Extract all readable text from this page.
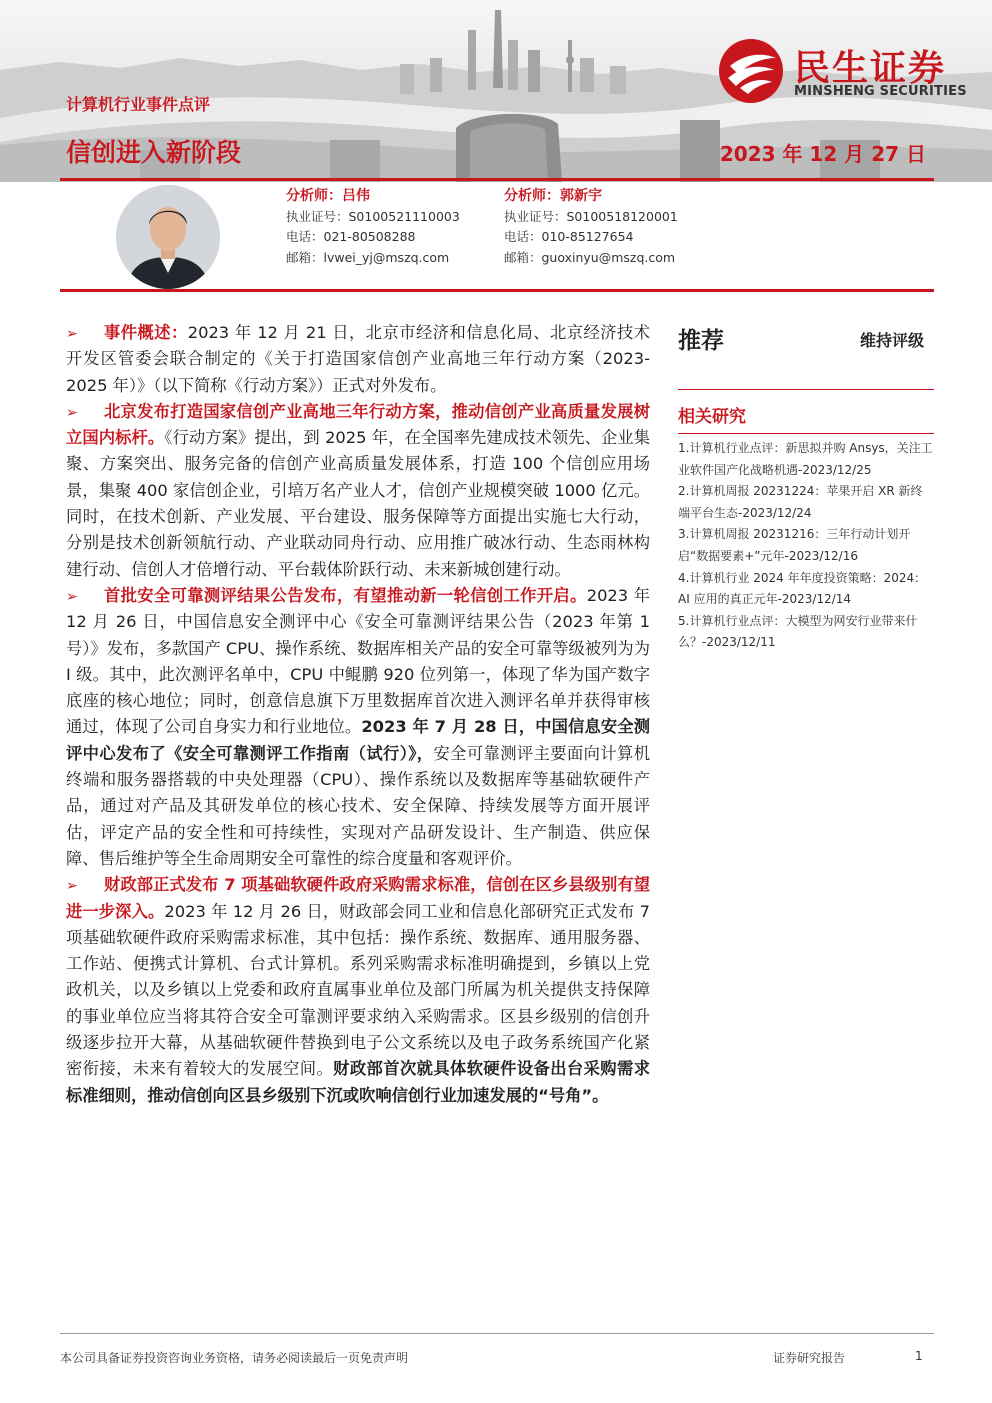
计算机行业事件点评
信创进入新阶段	2023 年 12 月 27 日
民生证券
MINSHENG SECURITIES
分析师：吕伟
执业证号：S0100521110003
电话：021-80508288
邮箱：lvwei_yj@mszq.com
分析师：郭新宇
执业证号：S0100518120001
电话：010-85127654
邮箱：guoxinyu@mszq.com

➢ 事件概述：2023 年 12 月 21 日，北京市经济和信息化局、北京经济技术开发区管委会联合制定的《关于打造国家信创产业高地三年行动方案（2023-2025 年）》（以下简称《行动方案》）正式对外发布。

➢ 北京发布打造国家信创产业高地三年行动方案，推动信创产业高质量发展树立国内标杆。《行动方案》提出，到 2025 年，在全国率先建成技术领先、企业集聚、方案突出、服务完备的信创产业高质量发展体系，打造 100 个信创应用场景，集聚 400 家信创企业，引培万名产业人才，信创产业规模突破 1000 亿元。同时，在技术创新、产业发展、平台建设、服务保障等方面提出实施七大行动，分别是技术创新领航行动、产业联动同舟行动、应用推广破冰行动、生态雨林构建行动、信创人才倍增行动、平台载体阶跃行动、未来新城创建行动。

➢ 首批安全可靠测评结果公告发布，有望推动新一轮信创工作开启。2023 年 12 月 26 日，中国信息安全测评中心《安全可靠测评结果公告（2023 年第 1 号）》发布，多款国产 CPU、操作系统、数据库相关产品的安全可靠等级被列为为 I 级。其中，此次测评名单中，CPU 中鲲鹏 920 位列第一，体现了华为国产数字底座的核心地位；同时，创意信息旗下万里数据库首次进入测评名单并获得审核通过，体现了公司自身实力和行业地位。2023 年 7 月 28 日，中国信息安全测评中心发布了《安全可靠测评工作指南（试行）》，安全可靠测评主要面向计算机终端和服务器搭载的中央处理器（CPU）、操作系统以及数据库等基础软硬件产品，通过对产品及其研发单位的核心技术、安全保障、持续发展等方面开展评估，评定产品的安全性和可持续性，实现对产品研发设计、生产制造、供应保障、售后维护等全生命周期安全可靠性的综合度量和客观评价。

➢ 财政部正式发布 7 项基础软硬件政府采购需求标准，信创在区乡县级别有望进一步深入。2023 年 12 月 26 日，财政部会同工业和信息化部研究正式发布 7 项基础软硬件政府采购需求标准，其中包括：操作系统、数据库、通用服务器、工作站、便携式计算机、台式计算机。系列采购需求标准明确提到，乡镇以上党政机关，以及乡镇以上党委和政府直属事业单位及部门所属为机关提供支持保障的事业单位应当将其符合安全可靠测评要求纳入采购需求。区县乡级别的信创升级逐步拉开大幕，从基础软硬件替换到电子公文系统以及电子政务系统国产化紧密衔接，未来有着较大的发展空间。财政部首次就具体软硬件设备出台采购需求标准细则，推动信创向区县乡级别下沉或吹响信创行业加速发展的“号角”。

推荐	维持评级
相关研究
1.计算机行业点评：新思拟并购 Ansys，关注工业软件国产化战略机遇-2023/12/25
2.计算机周报 20231224：苹果开启 XR 新终端平台生态-2023/12/24
3.计算机周报 20231216：三年行动计划开启“数据要素+”元年-2023/12/16
4.计算机行业 2024 年年度投资策略：2024：AI 应用的真正元年-2023/12/14
5.计算机行业点评：大模型为网安行业带来什么？-2023/12/11
本公司具备证券投资咨询业务资格，请务必阅读最后一页免责声明	证券研究报告	1
